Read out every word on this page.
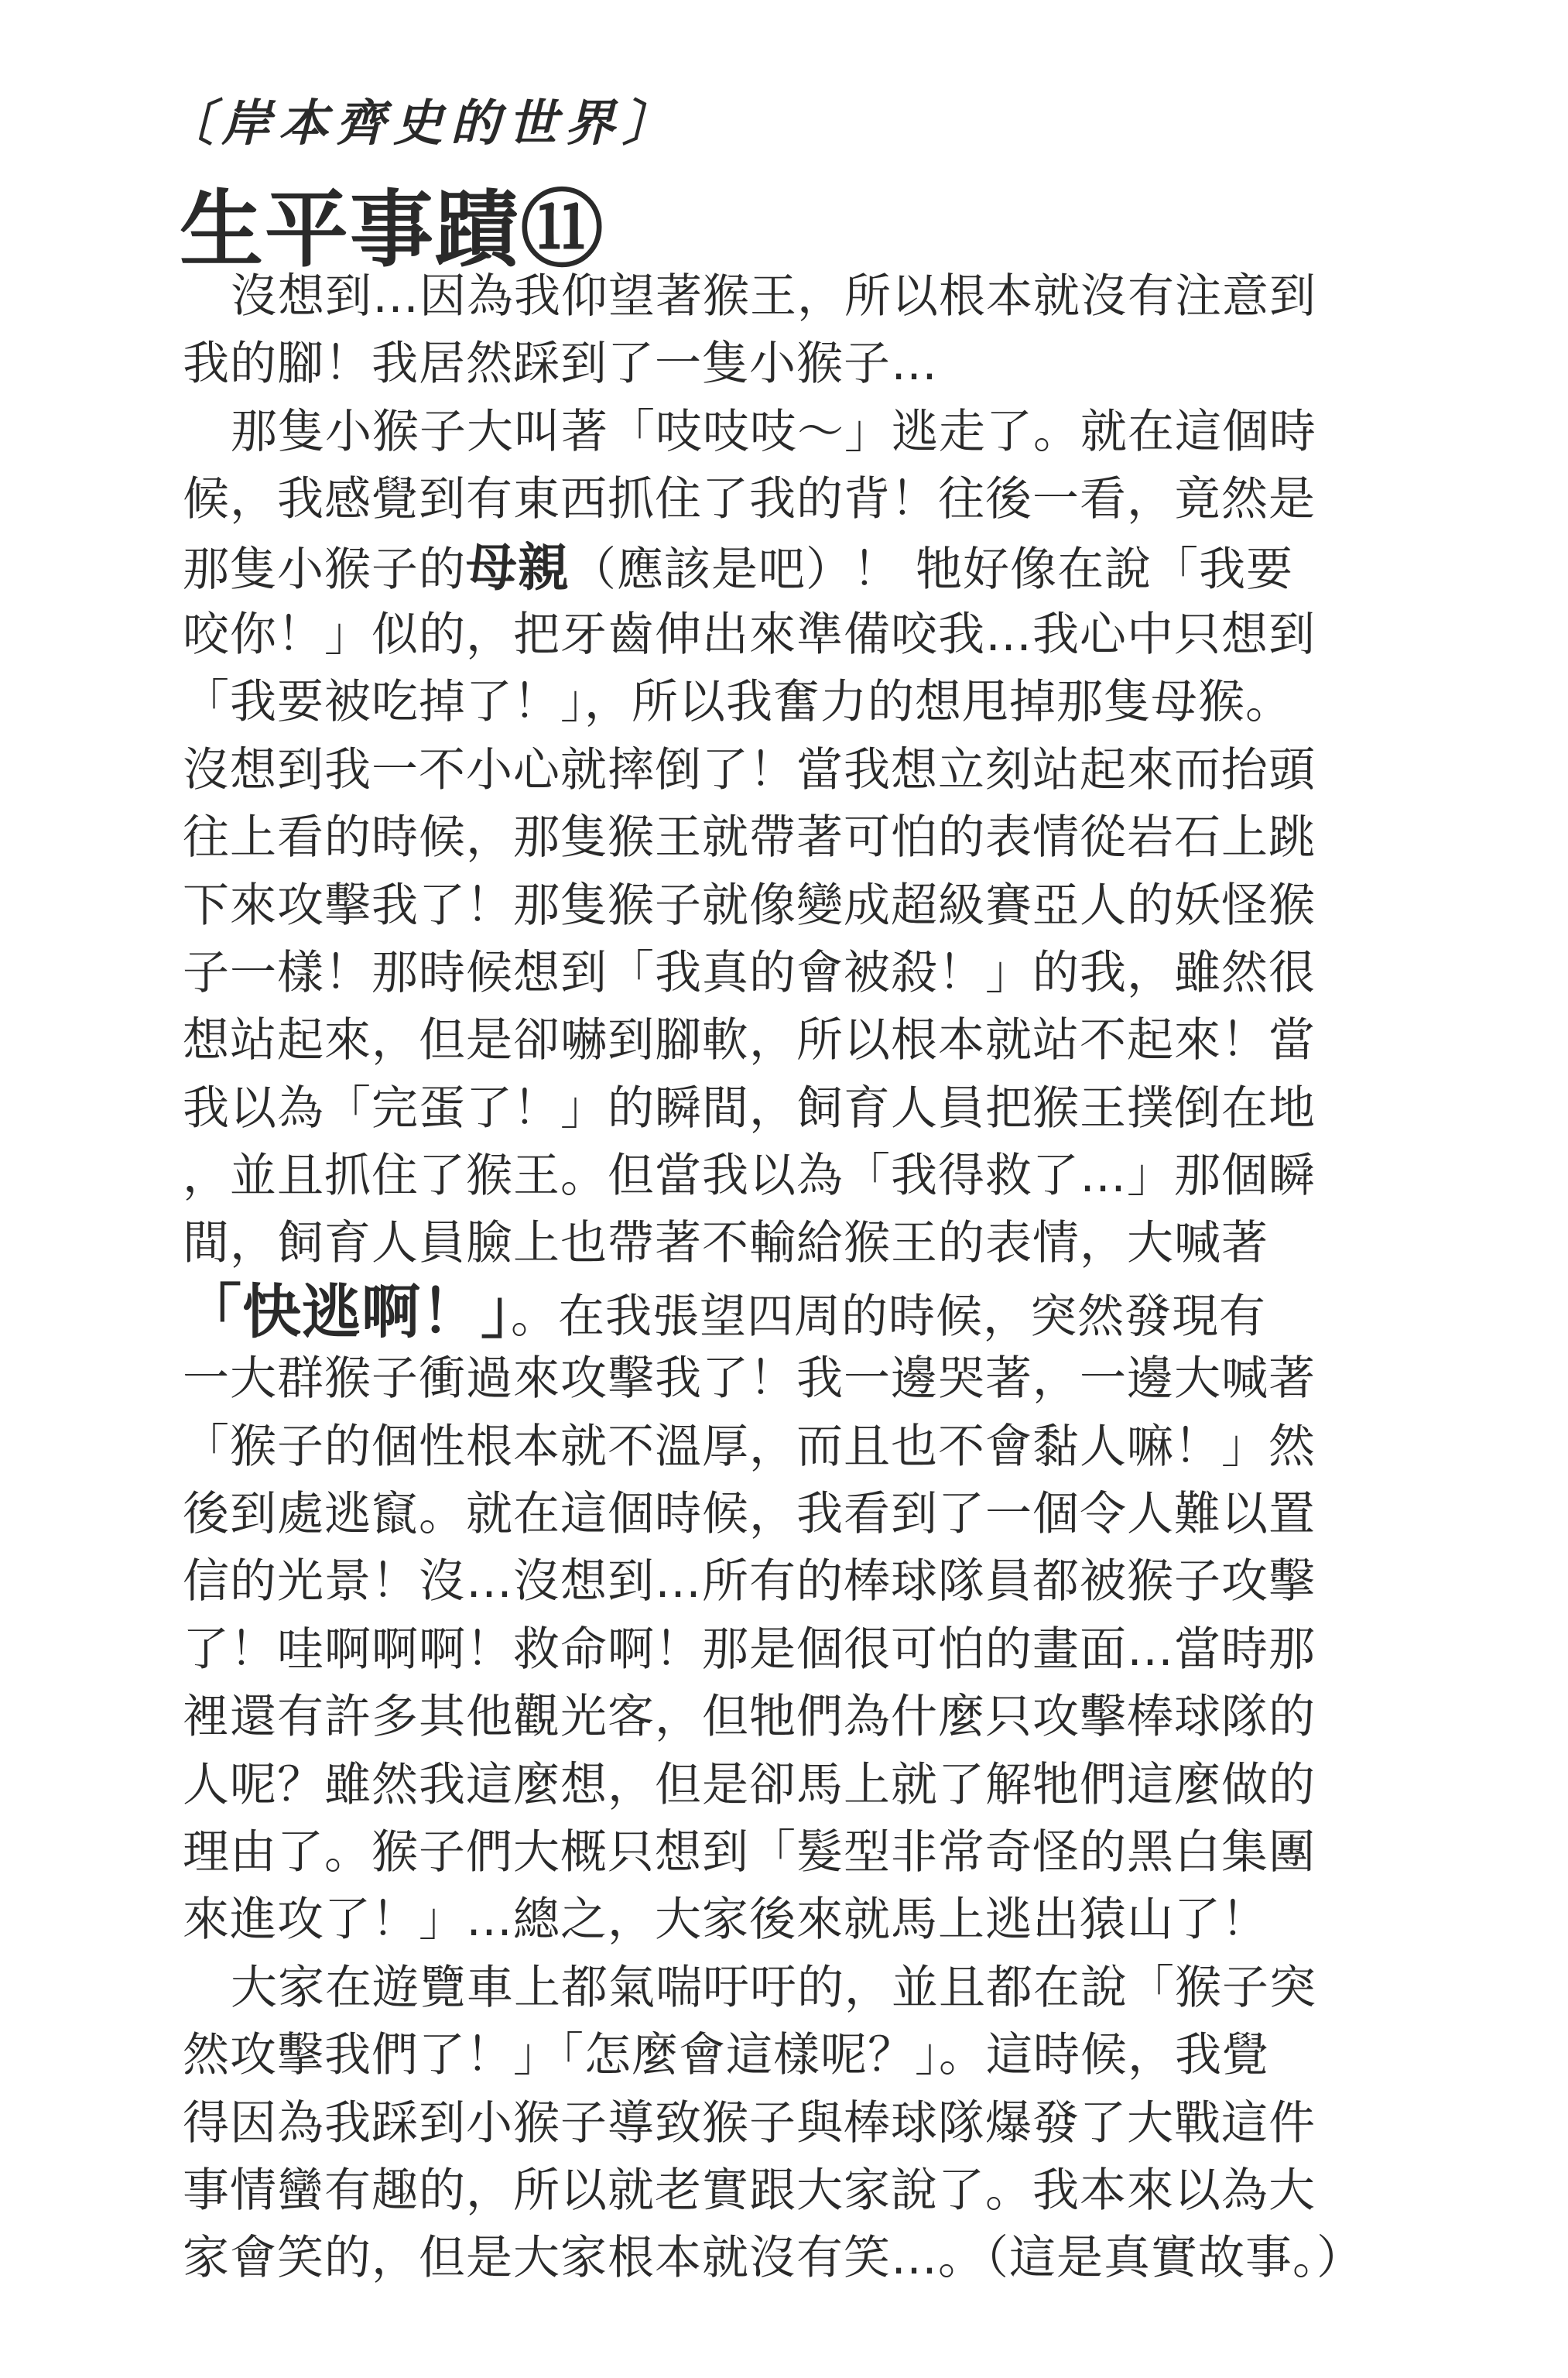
〔岸本齊史的世界〕
生平事蹟⑪
沒想到…因為我仰望著猴王，所以根本就沒有注意到
我的腳！我居然踩到了一隻小猴子…
那隻小猴子大叫著「吱吱吱～」逃走了。就在這個時
候，我感覺到有東西抓住了我的背！往後一看，竟然是
那隻小猴子的母親（應該是吧）！ 牠好像在說「我要
咬你！」似的，把牙齒伸出來準備咬我…我心中只想到
「我要被吃掉了！」，所以我奮力的想甩掉那隻母猴。
沒想到我一不小心就摔倒了！當我想立刻站起來而抬頭
往上看的時候，那隻猴王就帶著可怕的表情從岩石上跳
下來攻擊我了！那隻猴子就像變成超級賽亞人的妖怪猴
子一樣！那時候想到「我真的會被殺！」的我，雖然很
想站起來，但是卻嚇到腳軟，所以根本就站不起來！當
我以為「完蛋了！」的瞬間，飼育人員把猴王撲倒在地
，並且抓住了猴王。但當我以為「我得救了…」那個瞬
間，飼育人員臉上也帶著不輸給猴王的表情，大喊著
「快逃啊！」。在我張望四周的時候，突然發現有
一大群猴子衝過來攻擊我了！我一邊哭著，一邊大喊著
「猴子的個性根本就不溫厚，而且也不會黏人嘛！」然
後到處逃竄。就在這個時候，我看到了一個令人難以置
信的光景！沒…沒想到…所有的棒球隊員都被猴子攻擊
了！哇啊啊啊！救命啊！那是個很可怕的畫面…當時那
裡還有許多其他觀光客，但牠們為什麼只攻擊棒球隊的
人呢？雖然我這麼想，但是卻馬上就了解牠們這麼做的
理由了。猴子們大概只想到「髮型非常奇怪的黑白集團
來進攻了！」…總之，大家後來就馬上逃出猿山了！
大家在遊覽車上都氣喘吁吁的，並且都在說「猴子突
然攻擊我們了！」「怎麼會這樣呢？」。這時候，我覺
得因為我踩到小猴子導致猴子與棒球隊爆發了大戰這件
事情蠻有趣的，所以就老實跟大家說了。我本來以為大
家會笑的，但是大家根本就沒有笑…。（這是真實故事。）
